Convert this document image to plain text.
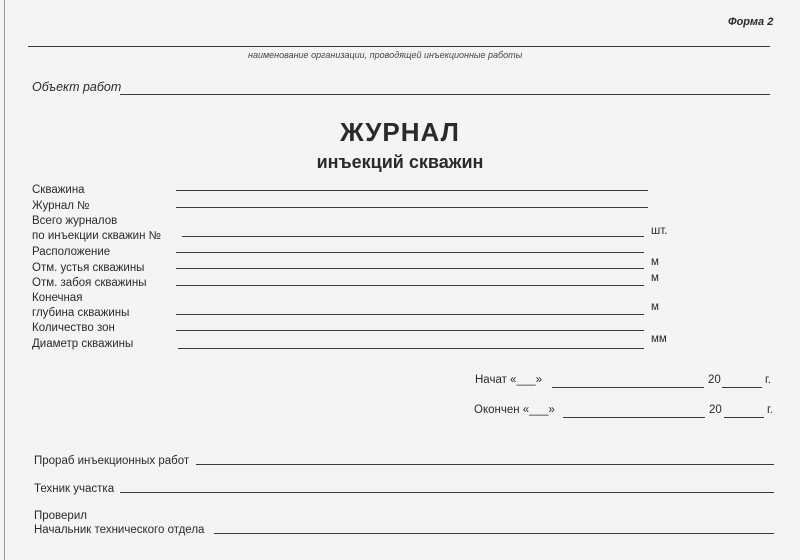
Форма 2
наименование организации, проводящей инъекционные работы
Объект работ
ЖУРНАЛ
инъекций скважин
Скважина
Журнал №
Всего журналов
по инъекции скважин №	шт.
Расположение
Отм. устья скважины	м
Отм. забоя скважины	м
Конечная
глубина скважины	м
Количество зон
Диаметр скважины	мм
Начат «___»	20	г.
Окончен «___»	20	г.
Прораб инъекционных работ
Техник участка
Проверил
Начальник технического отдела
